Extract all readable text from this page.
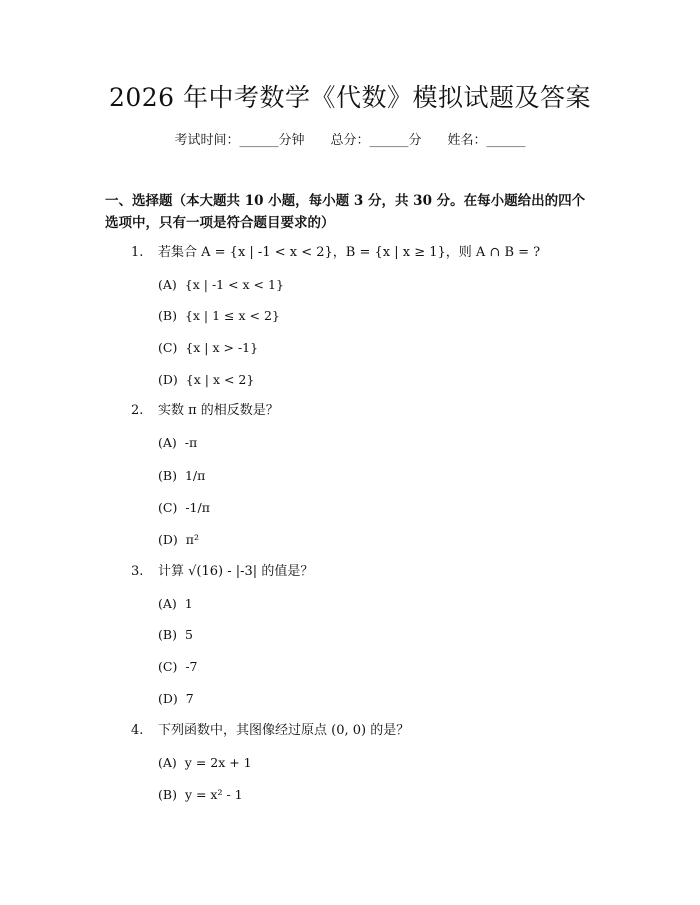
2026 年中考数学《代数》模拟试题及答案
考试时间：______分钟 总分：______分 姓名：______
一、选择题（本大题共 10 小题，每小题 3 分，共 30 分。在每小题给出的四个选项中，只有一项是符合题目要求的）
1. 若集合 A = {x | -1 < x < 2}，B = {x | x ≥ 1}，则 A ∩ B = ?
(A) {x | -1 < x < 1}
(B) {x | 1 ≤ x < 2}
(C) {x | x > -1}
(D) {x | x < 2}
2. 实数 π 的相反数是？
(A) -π
(B) 1/π
(C) -1/π
(D) π²
3. 计算 √(16) - |-3| 的值是？
(A) 1
(B) 5
(C) -7
(D) 7
4. 下列函数中，其图像经过原点 (0, 0) 的是？
(A) y = 2x + 1
(B) y = x² - 1
